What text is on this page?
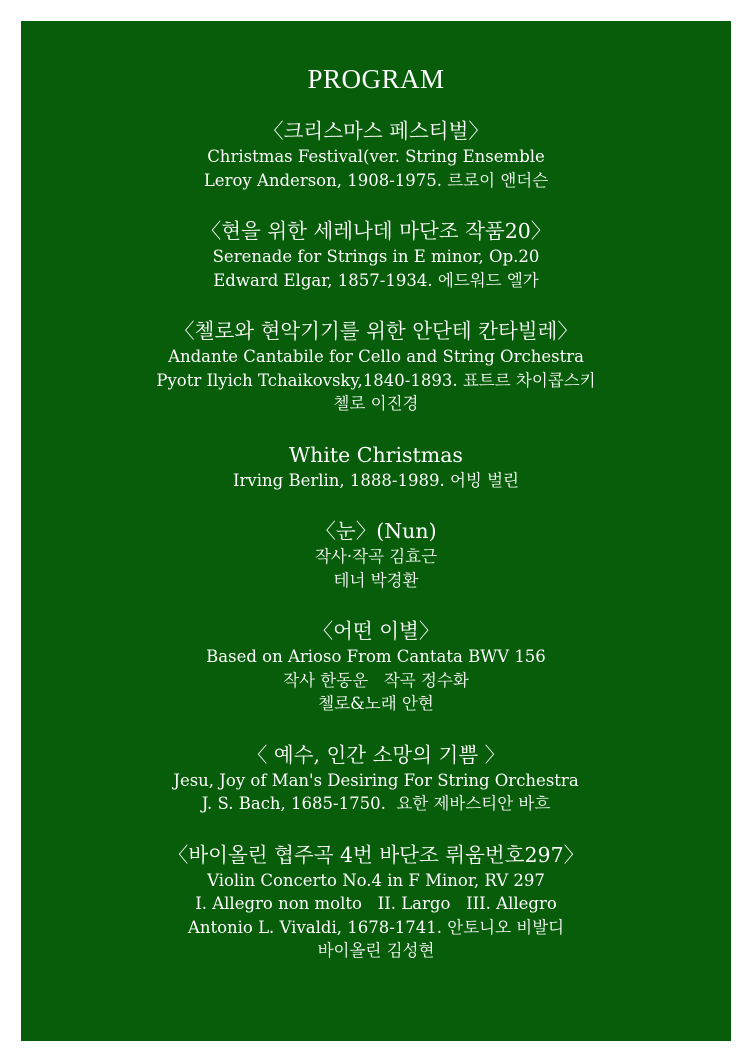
PROGRAM
〈크리스마스 페스티벌〉
Christmas Festival(ver. String Ensemble
Leroy Anderson, 1908-1975. 르로이 앤더슨
〈현을 위한 세레나데 마단조 작품20〉
Serenade for Strings in E minor, Op.20
Edward Elgar, 1857-1934. 에드워드 엘가
〈첼로와 현악기기를 위한 안단테 칸타빌레〉
Andante Cantabile for Cello and String Orchestra
Pyotr Ilyich Tchaikovsky,1840-1893. 표트르 차이콥스키
첼로 이진경
White Christmas
Irving Berlin, 1888-1989. 어빙 벌린
〈눈〉(Nun)
작사·작곡 김효근
테너 박경환
〈어떤 이별〉
Based on Arioso From Cantata BWV 156
작사 한동운   작곡 정수화
첼로&노래 안현
〈 예수, 인간 소망의 기쁨 〉
Jesu, Joy of Man's Desiring For String Orchestra
J. S. Bach, 1685-1750.  요한 제바스티안 바흐
〈바이올린 협주곡 4번 바단조 뤼움번호297〉
Violin Concerto No.4 in F Minor, RV 297
I. Allegro non molto   II. Largo   III. Allegro
Antonio L. Vivaldi, 1678-1741. 안토니오 비발디
바이올린 김성현
